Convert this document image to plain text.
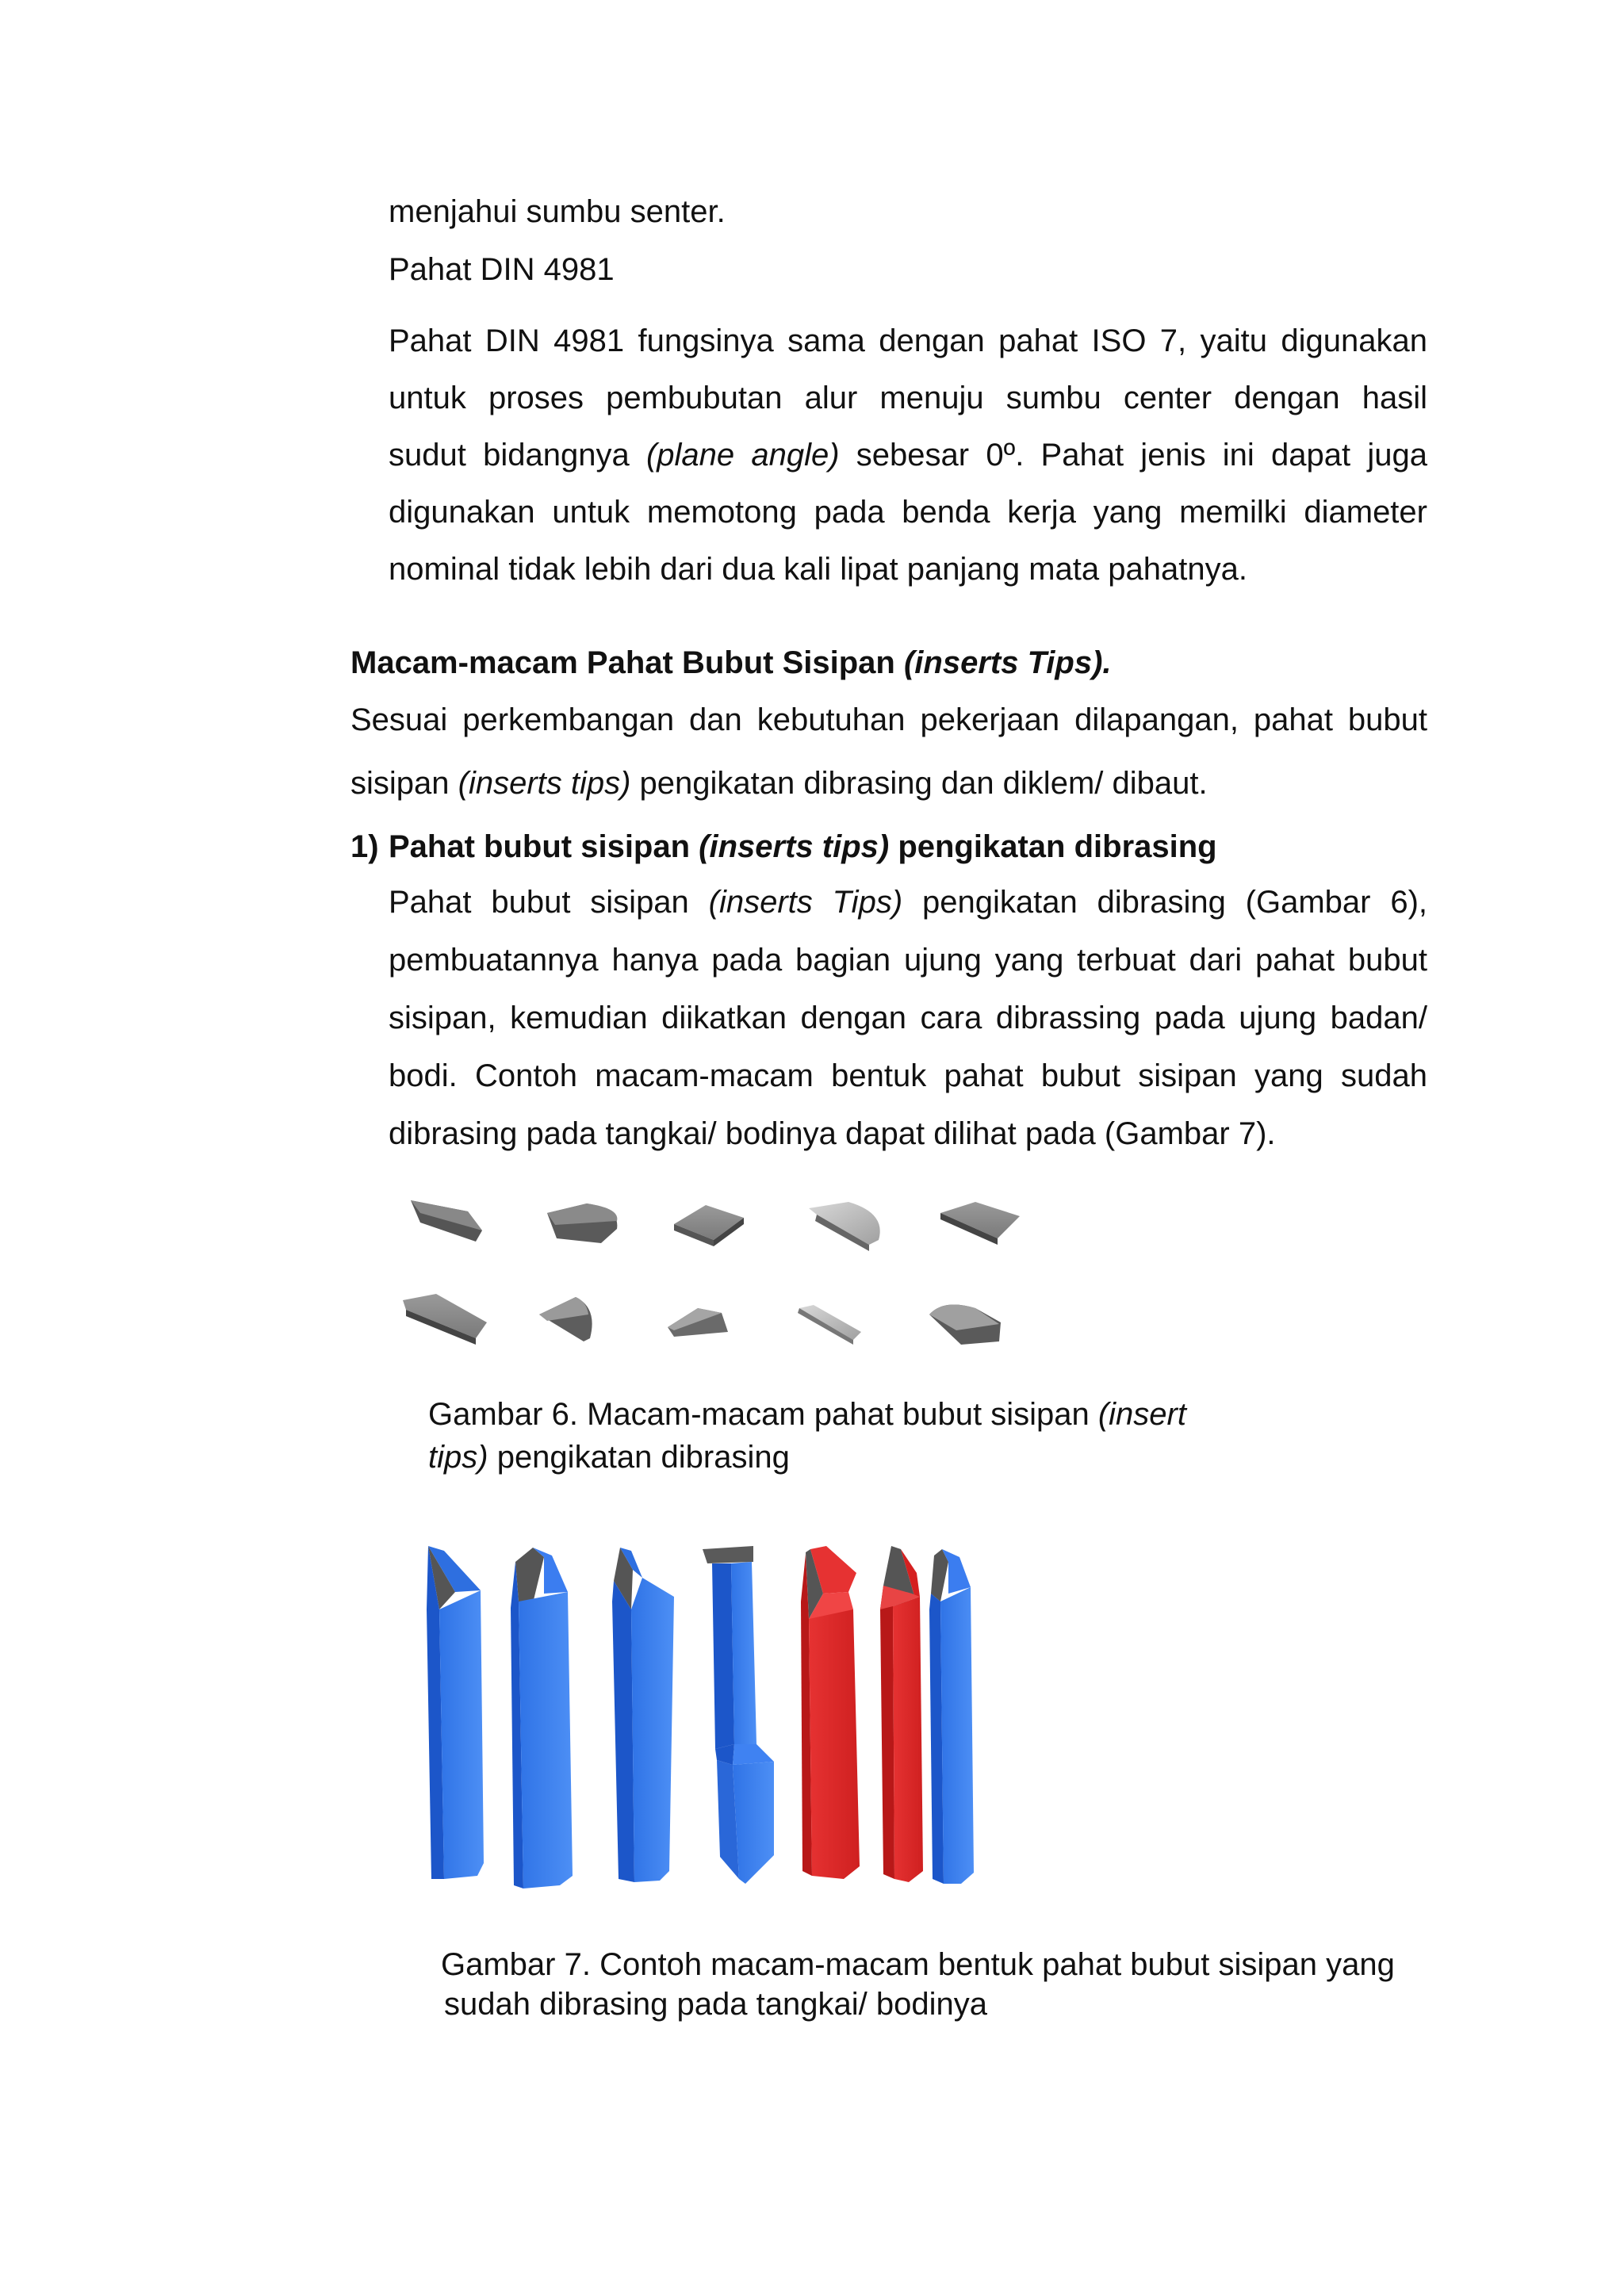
menjahui sumbu senter.
Pahat DIN 4981
Pahat DIN 4981 fungsinya sama dengan pahat ISO 7, yaitu digunakan
untuk proses pembubutan alur menuju sumbu center dengan hasil
sudut bidangnya (plane angle) sebesar 0º. Pahat jenis ini dapat juga
digunakan untuk memotong pada benda kerja yang memilki diameter
nominal tidak lebih dari dua kali lipat panjang mata pahatnya.
Macam-macam Pahat Bubut Sisipan (inserts Tips).
Sesuai perkembangan dan kebutuhan pekerjaan dilapangan, pahat bubut
sisipan (inserts tips) pengikatan dibrasing dan diklem/ dibaut.
1) Pahat bubut sisipan (inserts tips) pengikatan dibrasing
Pahat bubut sisipan (inserts Tips) pengikatan dibrasing (Gambar 6),
pembuatannya hanya pada bagian ujung yang terbuat dari pahat bubut
sisipan, kemudian diikatkan dengan cara dibrassing pada ujung badan/
bodi. Contoh macam-macam bentuk pahat bubut sisipan yang sudah
dibrasing pada tangkai/ bodinya dapat dilihat pada (Gambar 7).
Gambar 6. Macam-macam pahat bubut sisipan (insert
tips) pengikatan dibrasing
Gambar 7. Contoh macam-macam bentuk pahat bubut sisipan yang
sudah dibrasing pada tangkai/ bodinya
